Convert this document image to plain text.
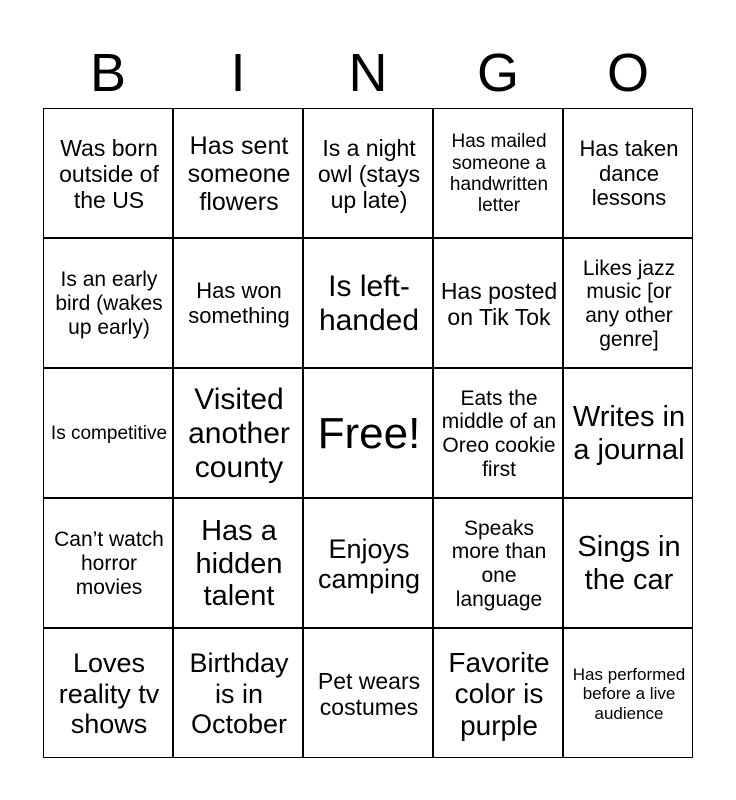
B	I	N	G	O
Was born outside of the US
Has sent someone flowers
Is a night owl (stays up late)
Has mailed someone a handwritten letter
Has taken dance lessons
Is an early bird (wakes up early)
Has won something
Is left-handed
Has posted on Tik Tok
Likes jazz music [or any other genre]
Is competitive
Visited another county
Free!
Eats the middle of an Oreo cookie first
Writes in a journal
Can’t watch horror movies
Has a hidden talent
Enjoys camping
Speaks more than one language
Sings in the car
Loves reality tv shows
Birthday is in October
Pet wears costumes
Favorite color is purple
Has performed before a live audience
